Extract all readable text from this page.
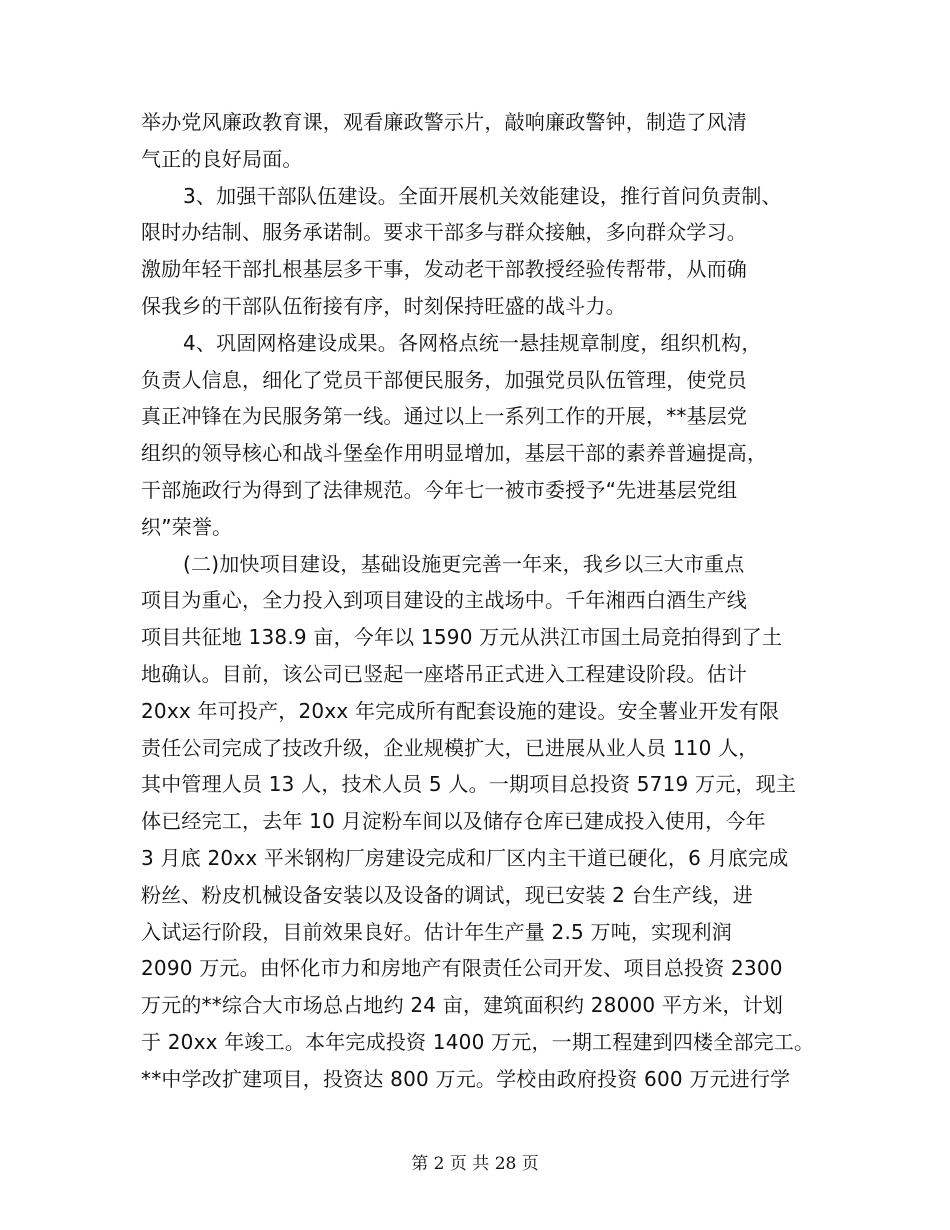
举办党风廉政教育课，观看廉政警示片，敲响廉政警钟，制造了风清
气正的良好局面。
3、加强干部队伍建设。全面开展机关效能建设，推行首问负责制、
限时办结制、服务承诺制。要求干部多与群众接触，多向群众学习。
激励年轻干部扎根基层多干事，发动老干部教授经验传帮带，从而确
保我乡的干部队伍衔接有序，时刻保持旺盛的战斗力。
4、巩固网格建设成果。各网格点统一悬挂规章制度，组织机构，
负责人信息，细化了党员干部便民服务，加强党员队伍管理，使党员
真正冲锋在为民服务第一线。通过以上一系列工作的开展，**基层党
组织的领导核心和战斗堡垒作用明显增加，基层干部的素养普遍提高，
干部施政行为得到了法律规范。今年七一被市委授予“先进基层党组
织”荣誉。
(二)加快项目建设，基础设施更完善一年来，我乡以三大市重点
项目为重心，全力投入到项目建设的主战场中。千年湘西白酒生产线
项目共征地 138.9 亩，今年以 1590 万元从洪江市国土局竞拍得到了土
地确认。目前，该公司已竖起一座塔吊正式进入工程建设阶段。估计
20xx 年可投产，20xx 年完成所有配套设施的建设。安全薯业开发有限
责任公司完成了技改升级，企业规模扩大，已进展从业人员 110 人，
其中管理人员 13 人，技术人员 5 人。一期项目总投资 5719 万元，现主
体已经完工，去年 10 月淀粉车间以及储存仓库已建成投入使用，今年
3 月底 20xx 平米钢构厂房建设完成和厂区内主干道已硬化，6 月底完成
粉丝、粉皮机械设备安装以及设备的调试，现已安装 2 台生产线，进
入试运行阶段，目前效果良好。估计年生产量 2.5 万吨，实现利润
2090 万元。由怀化市力和房地产有限责任公司开发、项目总投资 2300
万元的**综合大市场总占地约 24 亩，建筑面积约 28000 平方米，计划
于 20xx 年竣工。本年完成投资 1400 万元，一期工程建到四楼全部完工。
**中学改扩建项目，投资达 800 万元。学校由政府投资 600 万元进行学
第 2 页 共 28 页
